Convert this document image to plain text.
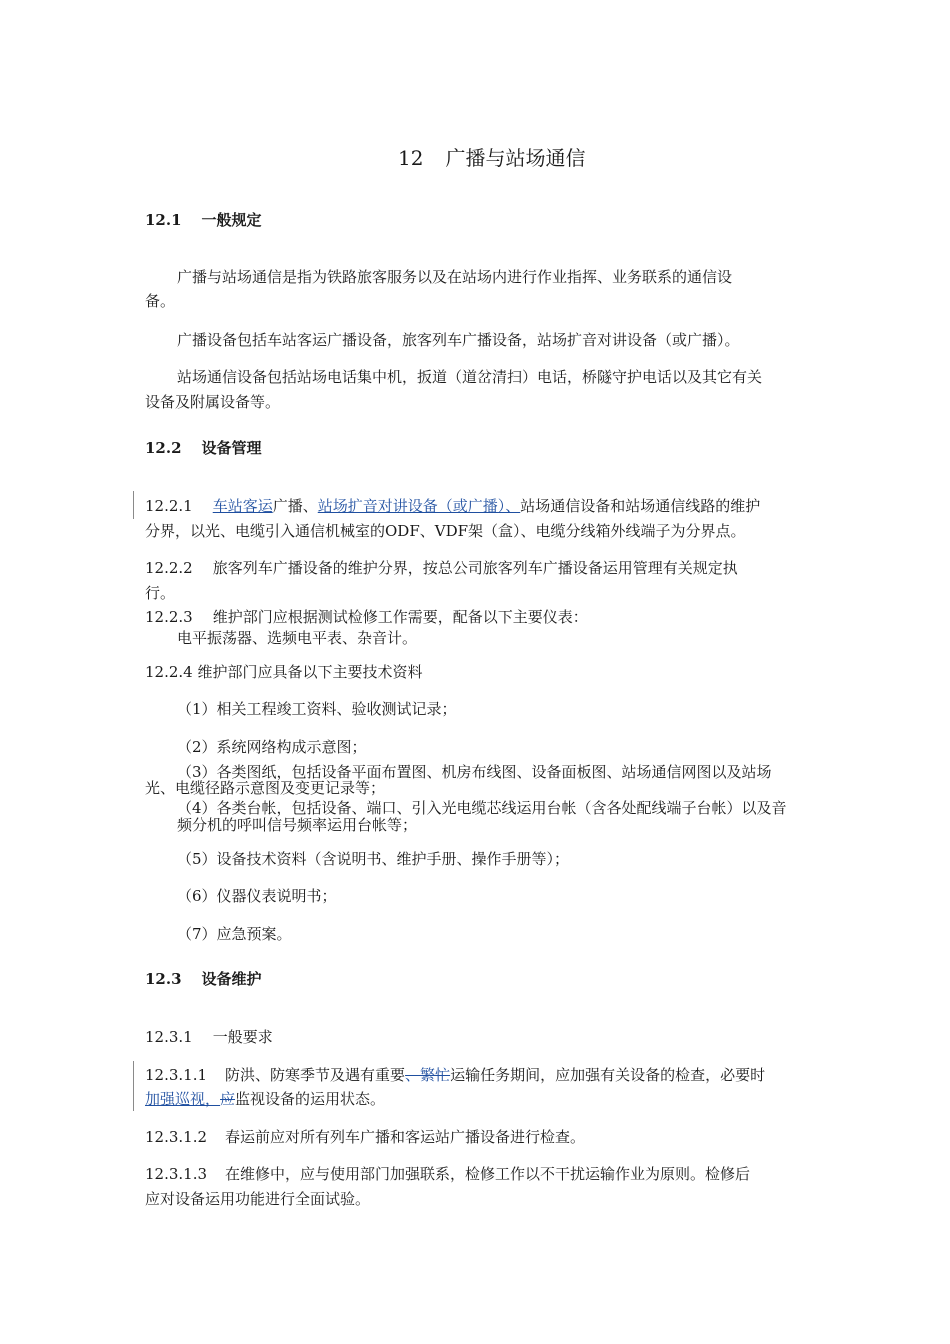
12 广播与站场通信
12.1 一般规定
广播与站场通信是指为铁路旅客服务以及在站场内进行作业指挥、业务联系的通信设
备。
广播设备包括车站客运广播设备，旅客列车广播设备，站场扩音对讲设备（或广播）。
站场通信设备包括站场电话集中机，扳道（道岔清扫）电话，桥隧守护电话以及其它有关
设备及附属设备等。
12.2 设备管理
12.2.1 车站客运广播、站场扩音对讲设备（或广播）、站场通信设备和站场通信线路的维护
分界，以光、电缆引入通信机械室的ODF、VDF架（盒）、电缆分线箱外线端子为分界点。
12.2.2 旅客列车广播设备的维护分界，按总公司旅客列车广播设备运用管理有关规定执
行。
12.2.3 维护部门应根据测试检修工作需要，配备以下主要仪表：
电平振荡器、选频电平表、杂音计。
12.2.4 维护部门应具备以下主要技术资料
（1）相关工程竣工资料、验收测试记录；
（2）系统网络构成示意图；
（3）各类图纸，包括设备平面布置图、机房布线图、设备面板图、站场通信网图以及站场
光、电缆径路示意图及变更记录等；
（4）各类台帐，包括设备、端口、引入光电缆芯线运用台帐（含各处配线端子台帐）以及音
频分机的呼叫信号频率运用台帐等；
（5）设备技术资料（含说明书、维护手册、操作手册等）；
（6）仪器仪表说明书；
（7）应急预案。
12.3 设备维护
12.3.1 一般要求
12.3.1.1 防洪、防寒季节及遇有重要、繁忙运输任务期间，应加强有关设备的检查，必要时
加强巡视，应监视设备的运用状态。
12.3.1.2 春运前应对所有列车广播和客运站广播设备进行检查。
12.3.1.3 在维修中，应与使用部门加强联系，检修工作以不干扰运输作业为原则。检修后
应对设备运用功能进行全面试验。
